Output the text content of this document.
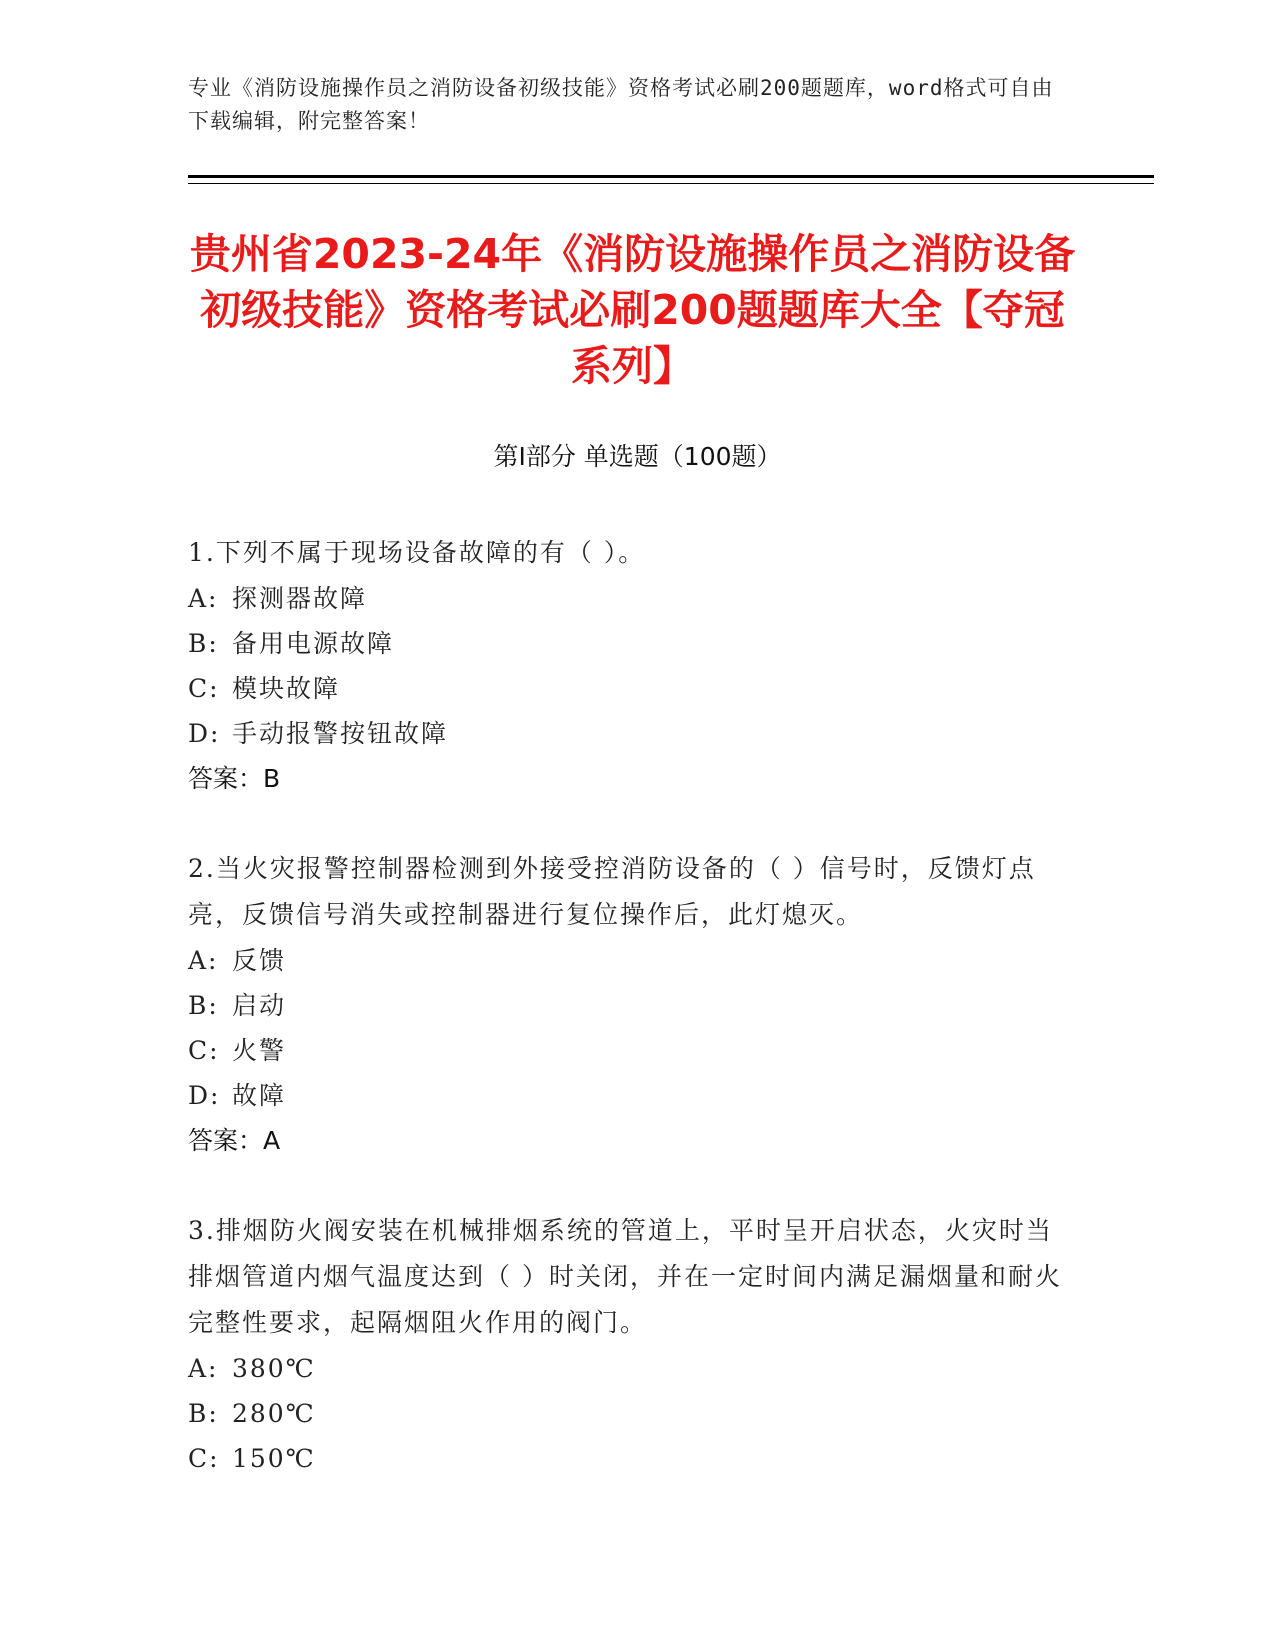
专业《消防设施操作员之消防设备初级技能》资格考试必刷200题题库，word格式可自由下载编辑，附完整答案！
贵州省2023-24年《消防设施操作员之消防设备初级技能》资格考试必刷200题题库大全【夺冠系列】
第I部分 单选题（100题）
1.下列不属于现场设备故障的有（ ）。
A: 探测器故障
B: 备用电源故障
C: 模块故障
D: 手动报警按钮故障
答案：B
2.当火灾报警控制器检测到外接受控消防设备的（ ）信号时，反馈灯点亮，反馈信号消失或控制器进行复位操作后，此灯熄灭。
A: 反馈
B: 启动
C: 火警
D: 故障
答案：A
3.排烟防火阀安装在机械排烟系统的管道上，平时呈开启状态，火灾时当排烟管道内烟气温度达到（ ）时关闭，并在一定时间内满足漏烟量和耐火完整性要求，起隔烟阻火作用的阀门。
A: 380℃
B: 280℃
C: 150℃
